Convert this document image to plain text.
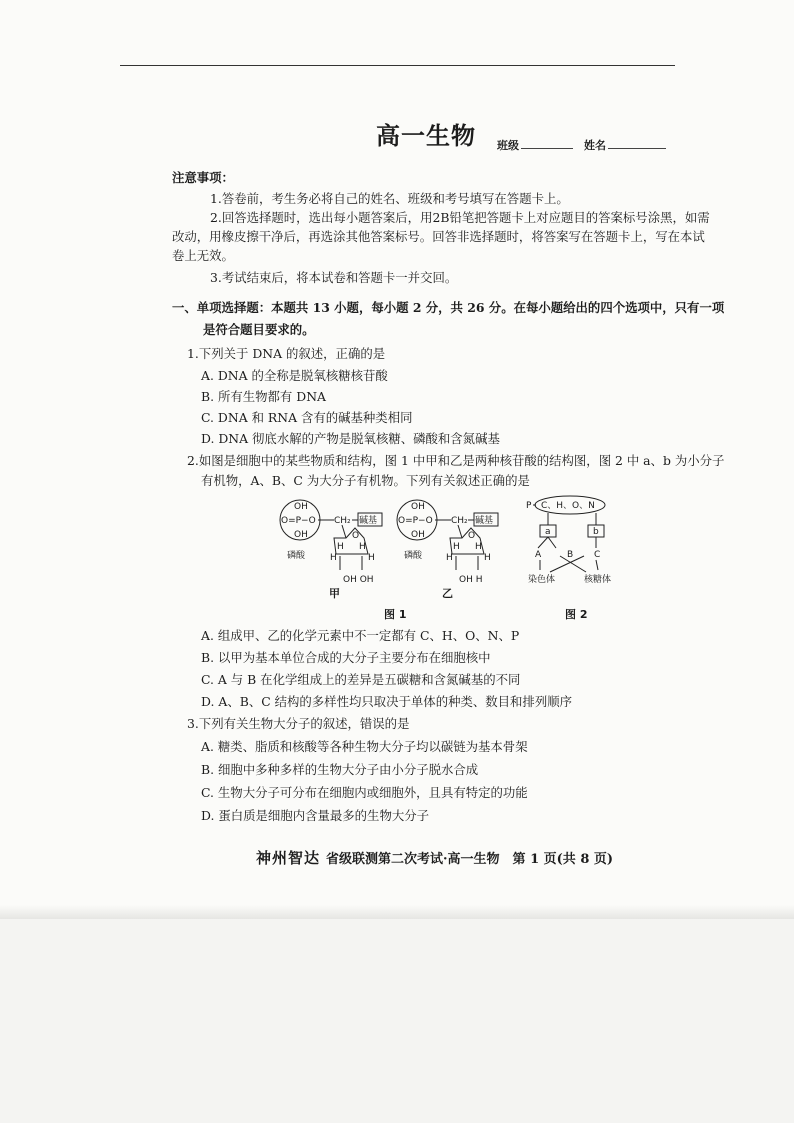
高一生物 班级	姓名
注意事项：
1.答卷前，考生务必将自己的姓名、班级和考号填写在答题卡上。
2.回答选择题时，选出每小题答案后，用2B铅笔把答题卡上对应题目的答案标号涂黑，如需
改动，用橡皮擦干净后，再选涂其他答案标号。回答非选择题时，将答案写在答题卡上，写在本试
卷上无效。
3.考试结束后，将本试卷和答题卡一并交回。
一、单项选择题：本题共 13 小题，每小题 2 分，共 26 分。在每小题给出的四个选项中，只有一项
是符合题目要求的。
1.下列关于 DNA 的叙述，正确的是
A. DNA 的全称是脱氧核糖核苷酸
B. 所有生物都有 DNA
C. DNA 和 RNA 含有的碱基种类相同
D. DNA 彻底水解的产物是脱氧核糖、磷酸和含氮碱基
2.如图是细胞中的某些物质和结构，图 1 中甲和乙是两种核苷酸的结构图，图 2 中 a、b 为小分子
有机物，A、B、C 为大分子有机物。下列有关叙述正确的是
OH
O=P−O
OH
CH₂ 碱基
O
H H
H	H
OH OH
磷酸
OH
O=P−O
OH
CH₂ 碱基
O
H H
H	H
OH H
磷酸
P C、H、O、N
a	b
A	B C
染色体	核糖体
甲	乙
图 1	图 2
A. 组成甲、乙的化学元素中不一定都有 C、H、O、N、P
B. 以甲为基本单位合成的大分子主要分布在细胞核中
C. A 与 B 在化学组成上的差异是五碳糖和含氮碱基的不同
D. A、B、C 结构的多样性均只取决于单体的种类、数目和排列顺序
3.下列有关生物大分子的叙述，错误的是
A. 糖类、脂质和核酸等各种生物大分子均以碳链为基本骨架
B. 细胞中多种多样的生物大分子由小分子脱水合成
C. 生物大分子可分布在细胞内或细胞外，且具有特定的功能
D. 蛋白质是细胞内含量最多的生物大分子
神州智达 省级联测第二次考试·高一生物　第 1 页(共 8 页)
